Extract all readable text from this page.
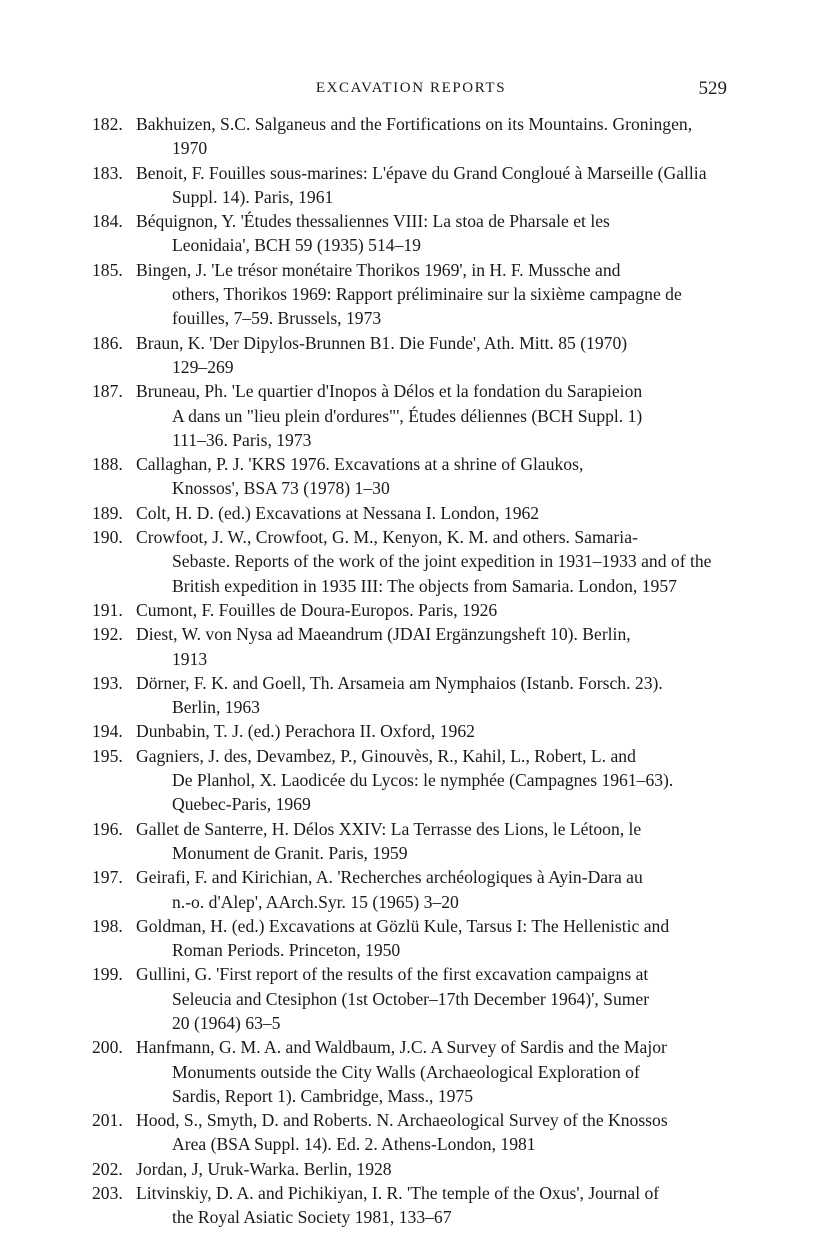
EXCAVATION REPORTS	529
182. Bakhuizen, S.C. Salganeus and the Fortifications on its Mountains. Groningen,
1970
183. Benoit, F. Fouilles sous-marines: L'épave du Grand Congloué à Marseille (Gallia
Suppl. 14). Paris, 1961
184. Béquignon, Y. 'Études thessaliennes VIII: La stoa de Pharsale et les
Leonidaia', BCH 59 (1935) 514–19
185. Bingen, J. 'Le trésor monétaire Thorikos 1969', in H. F. Mussche and
others, Thorikos 1969: Rapport préliminaire sur la sixième campagne de
fouilles, 7–59. Brussels, 1973
186. Braun, K. 'Der Dipylos-Brunnen B1. Die Funde', Ath. Mitt. 85 (1970)
129–269
187. Bruneau, Ph. 'Le quartier d'Inopos à Délos et la fondation du Sarapieion
A dans un "lieu plein d'ordures"', Études déliennes (BCH Suppl. 1)
111–36. Paris, 1973
188. Callaghan, P. J. 'KRS 1976. Excavations at a shrine of Glaukos,
Knossos', BSA 73 (1978) 1–30
189. Colt, H. D. (ed.) Excavations at Nessana I. London, 1962
190. Crowfoot, J. W., Crowfoot, G. M., Kenyon, K. M. and others. Samaria-
Sebaste. Reports of the work of the joint expedition in 1931–1933 and of the
British expedition in 1935 III: The objects from Samaria. London, 1957
191. Cumont, F. Fouilles de Doura-Europos. Paris, 1926
192. Diest, W. von Nysa ad Maeandrum (JDAI Ergänzungsheft 10). Berlin,
1913
193. Dörner, F. K. and Goell, Th. Arsameia am Nymphaios (Istanb. Forsch. 23).
Berlin, 1963
194. Dunbabin, T. J. (ed.) Perachora II. Oxford, 1962
195. Gagniers, J. des, Devambez, P., Ginouvès, R., Kahil, L., Robert, L. and
De Planhol, X. Laodicée du Lycos: le nymphée (Campagnes 1961–63).
Quebec-Paris, 1969
196. Gallet de Santerre, H. Délos XXIV: La Terrasse des Lions, le Létoon, le
Monument de Granit. Paris, 1959
197. Geirafi, F. and Kirichian, A. 'Recherches archéologiques à Ayin-Dara au
n.-o. d'Alep', AArch.Syr. 15 (1965) 3–20
198. Goldman, H. (ed.) Excavations at Gözlü Kule, Tarsus I: The Hellenistic and
Roman Periods. Princeton, 1950
199. Gullini, G. 'First report of the results of the first excavation campaigns at
Seleucia and Ctesiphon (1st October–17th December 1964)', Sumer
20 (1964) 63–5
200. Hanfmann, G. M. A. and Waldbaum, J.C. A Survey of Sardis and the Major
Monuments outside the City Walls (Archaeological Exploration of
Sardis, Report 1). Cambridge, Mass., 1975
201. Hood, S., Smyth, D. and Roberts. N. Archaeological Survey of the Knossos
Area (BSA Suppl. 14). Ed. 2. Athens-London, 1981
202. Jordan, J, Uruk-Warka. Berlin, 1928
203. Litvinskiy, D. A. and Pichikiyan, I. R. 'The temple of the Oxus', Journal of
the Royal Asiatic Society 1981, 133–67
